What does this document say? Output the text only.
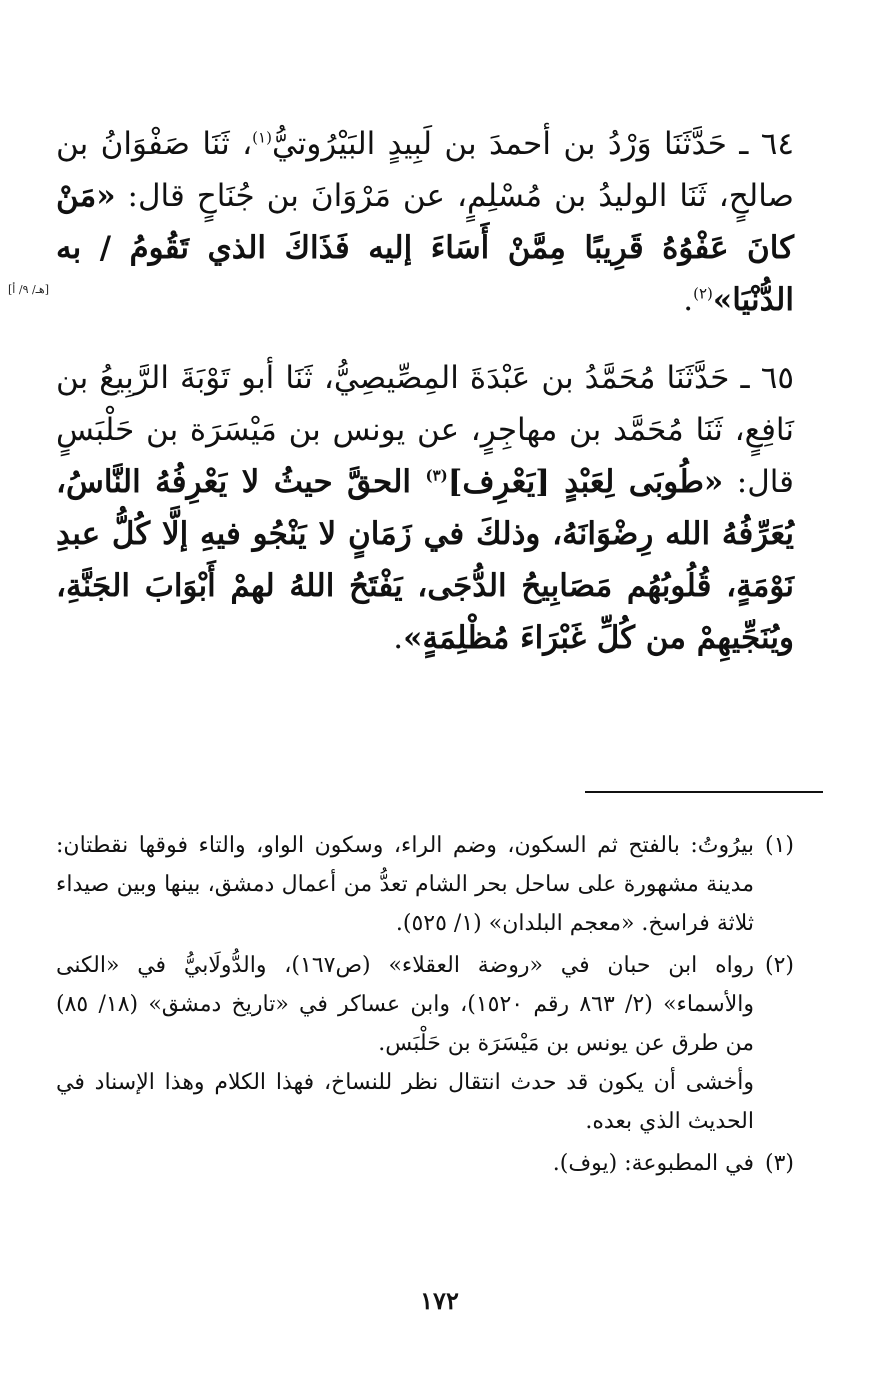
[هـ/ ٩/ أ]

٦٤ ـ حَدَّثَنَا وَرْدُ بن أحمدَ بن لَبِيدٍ البَيْرُوتيُّ$^{(١)}$، ثَنَا صَفْوَانُ بن صالحٍ، ثَنَا الوليدُ بن مُسْلِمٍ، عن مَرْوَانَ بن جُنَاحٍ قال: «مَنْ كانَ عَفْوُهُ قَرِيبًا مِمَّنْ أَسَاءَ إليه فَذَاكَ الذي تَقُومُ / به الدُّنْيَا»$^{(٢)}$.

٦٥ ـ حَدَّثَنَا مُحَمَّدُ بن عَبْدَةَ المِصِّيصِيُّ، ثَنَا أبو تَوْبَةَ الرَّبِيعُ بن نَافِعٍ، ثَنَا مُحَمَّد بن مهاجِرٍ، عن يونس بن مَيْسَرَة بن حَلْبَسٍ قال: «طُوبَى لِعَبْدٍ [يَعْرِف]$^{(٣)}$ الحقَّ حيثُ لا يَعْرِفُهُ النَّاسُ، يُعَرِّفُهُ الله رِضْوَانَهُ، وذلكَ في زَمَانٍ لا يَنْجُو فيهِ إلَّا كُلُّ عبدِ نَوْمَةٍ، قُلُوبُهُم مَصَابِيحُ الدُّجَى، يَفْتَحُ اللهُ لهمْ أَبْوَابَ الجَنَّةِ، ويُنَجِّيهِمْ من كُلِّ غَبْرَاءَ مُظْلِمَةٍ».

(١)

بيرُوتُ: بالفتح ثم السكون، وضم الراء، وسكون الواو، والتاء فوقها نقطتان: مدينة مشهورة على ساحل بحر الشام تعدُّ من أعمال دمشق، بينها وبين صيداء ثلاثة فراسخ. «معجم البلدان» (١/ ٥٢٥).

(٢)

رواه ابن حبان في «روضة العقلاء» (ص١٦٧)، والدُّولَابيُّ في «الكنى والأسماء» (٢/ ٨٦٣ رقم ١٥٢٠)، وابن عساكر في «تاريخ دمشق» (١٨/ ٨٥) من طرق عن يونس بن مَيْسَرَة بن حَلْبَس.

وأخشى أن يكون قد حدث انتقال نظر للنساخ، فهذا الكلام وهذا الإسناد في الحديث الذي بعده.

(٣)

في المطبوعة: (يوف).

١٧٢
